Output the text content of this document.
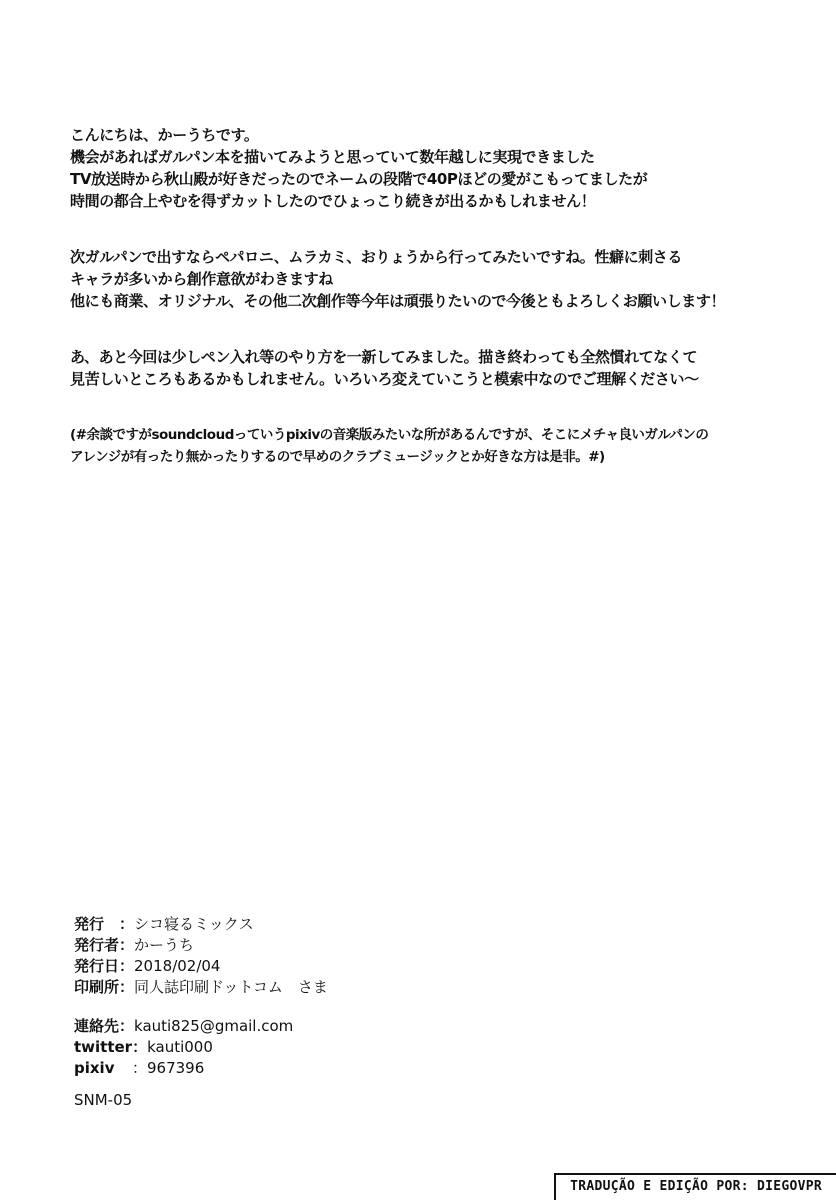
こんにちは、かーうちです。

機会があればガルパン本を描いてみようと思っていて数年越しに実現できました

TV放送時から秋山殿が好きだったのでネームの段階で40Pほどの愛がこもってましたが

時間の都合上やむを得ずカットしたのでひょっこり続きが出るかもしれません！

次ガルパンで出すならペパロニ、ムラカミ、おりょうから行ってみたいですね。性癖に刺さる

キャラが多いから創作意欲がわきますね

他にも商業、オリジナル、その他二次創作等今年は頑張りたいので今後ともよろしくお願いします！

あ、あと今回は少しペン入れ等のやり方を一新してみました。描き終わっても全然慣れてなくて

見苦しいところもあるかもしれません。いろいろ変えていこうと模索中なのでご理解ください〜

(#余談ですがsoundcloudっていうpixivの音楽版みたいな所があるんですが、そこにメチャ良いガルパンの

アレンジが有ったり無かったりするので早めのクラブミュージックとか好きな方は是非。#)

発行　： シコ寝るミックス
発行者： かーうち
発行日： 2018/02/04
印刷所： 同人誌印刷ドットコム　さま
連絡先： kauti825@gmail.com
twitter： kauti000
pixiv	：967396
SNM-05
TRADUÇÃO E EDIÇÃO POR: DIEGOVPR
